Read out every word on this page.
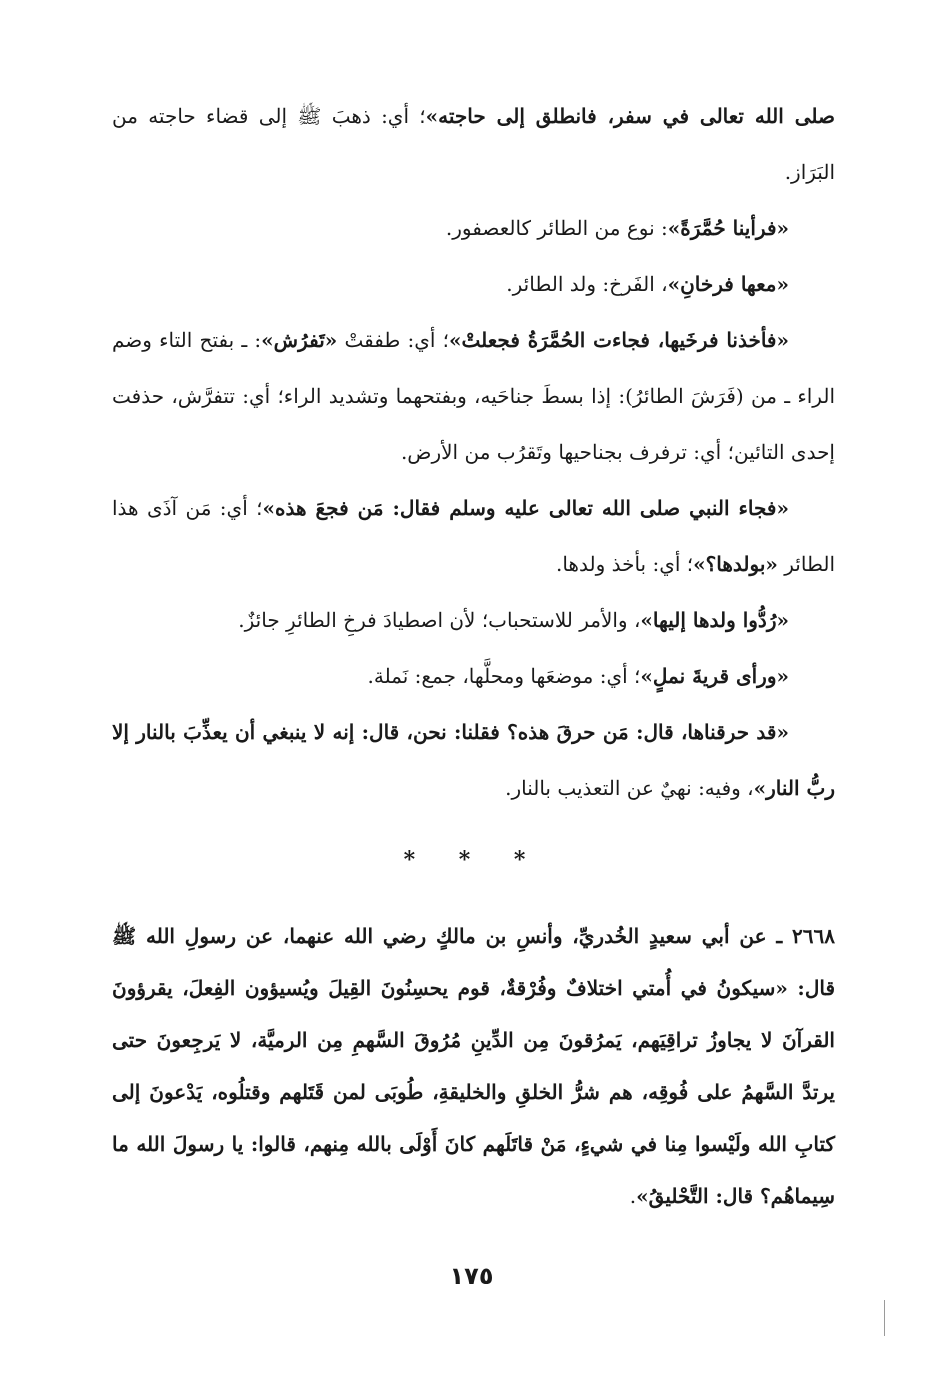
صلى الله تعالى في سفر، فانطلق إلى حاجته»؛ أي: ذهبَ ﷺ إلى قضاء حاجته من البَرَاز.

«فرأينا حُمَّرَةً»: نوع من الطائر كالعصفور.

«معها فرخانِ»، الفَرخ: ولد الطائر.

«فأخذنا فرخَيها، فجاءت الحُمَّرَةُ فجعلتْ»؛ أي: طفقتْ «تَفرُش»: ـ بفتح التاء وضم الراء ـ من (فَرَشَ الطائرُ): إذا بسطَ جناحَيه، وبفتحهما وتشديد الراء؛ أي: تتفرَّش، حذفت إحدى التائين؛ أي: ترفرف بجناحيها وتَقرُب من الأرض.

«فجاء النبي صلى الله تعالى عليه وسلم فقال: مَن فجعَ هذه»؛ أي: مَن آذَى هذا الطائر «بولدها؟»؛ أي: بأخذ ولدها.

«رُدُّوا ولدها إليها»، والأمر للاستحباب؛ لأن اصطيادَ فرخِ الطائرِ جائزٌ.

«ورأى قريةَ نملٍ»؛ أي: موضعَها ومحلَّها، جمع: نَملة.

«قد حرقناها، قال: مَن حرقَ هذه؟ فقلنا: نحن، قال: إنه لا ينبغي أن يعذِّبَ بالنار إلا ربُّ النار»، وفيه: نهيٌ عن التعذيب بالنار.

* * *

٢٦٦٨ ـ عن أبي سعيدٍ الخُدريِّ، وأنسِ بن مالكٍ رضي الله عنهما، عن رسولِ الله ﷺ قال: «سيكونُ في أُمتي اختلافٌ وفُرْقةٌ، قوم يحسِنُونَ القِيلَ ويُسيؤون الفِعلَ، يقرؤونَ القرآنَ لا يجاوزُ تراقِيَهم، يَمرُقونَ مِن الدِّينِ مُرُوقَ السَّهمِ مِن الرميَّة، لا يَرجِعونَ حتى يرتدَّ السَّهمُ على فُوقِه، هم شرُّ الخلقِ والخليقةِ، طُوبَى لمن قَتَلهم وقتلُوه، يَدْعونَ إلى كتابِ الله ولَيْسوا مِنا في شيءٍ، مَنْ قاتَلَهم كانَ أَوْلَى بالله مِنهم، قالوا: يا رسولَ الله ما سِيماهُم؟ قال: التَّحْليقُ».

١٧٥
